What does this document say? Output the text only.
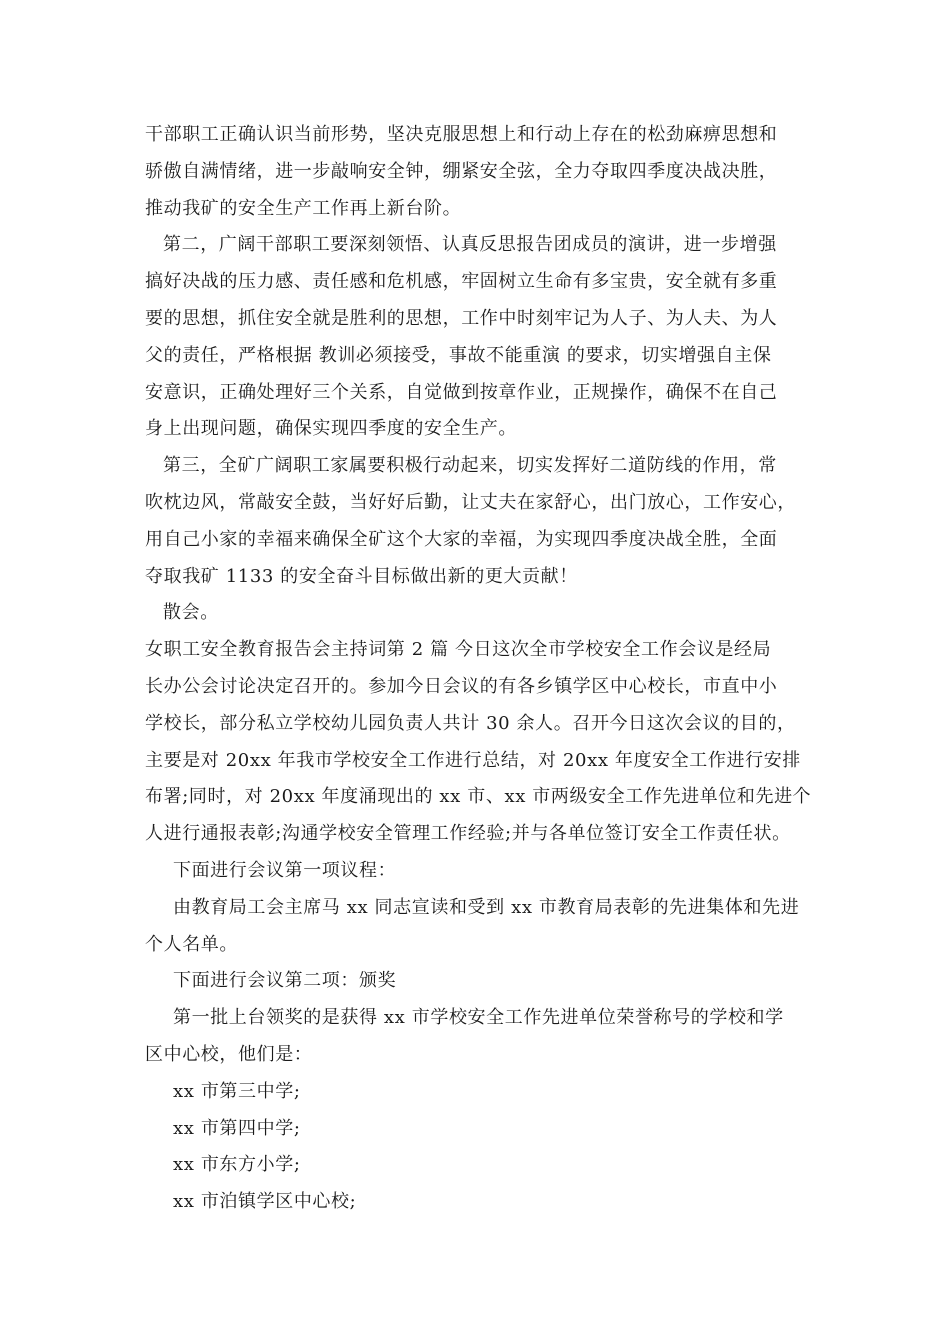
干部职工正确认识当前形势，坚决克服思想上和行动上存在的松劲麻痹思想和
骄傲自满情绪，进一步敲响安全钟，绷紧安全弦，全力夺取四季度决战决胜，
推动我矿的安全生产工作再上新台阶。
第二，广阔干部职工要深刻领悟、认真反思报告团成员的演讲，进一步增强
搞好决战的压力感、责任感和危机感，牢固树立生命有多宝贵，安全就有多重
要的思想，抓住安全就是胜利的思想，工作中时刻牢记为人子、为人夫、为人
父的责任，严格根据 教训必须接受，事故不能重演 的要求，切实增强自主保
安意识，正确处理好三个关系，自觉做到按章作业，正规操作，确保不在自己
身上出现问题，确保实现四季度的安全生产。
第三，全矿广阔职工家属要积极行动起来，切实发挥好二道防线的作用，常
吹枕边风，常敲安全鼓，当好好后勤，让丈夫在家舒心，出门放心，工作安心，
用自己小家的幸福来确保全矿这个大家的幸福，为实现四季度决战全胜，全面
夺取我矿 1133 的安全奋斗目标做出新的更大贡献！
散会。
女职工安全教育报告会主持词第 2 篇 今日这次全市学校安全工作会议是经局
长办公会讨论决定召开的。参加今日会议的有各乡镇学区中心校长，市直中小
学校长，部分私立学校幼儿园负责人共计 30 余人。召开今日这次会议的目的，
主要是对 20xx 年我市学校安全工作进行总结，对 20xx 年度安全工作进行安排
布署;同时，对 20xx 年度涌现出的 xx 市、xx 市两级安全工作先进单位和先进个
人进行通报表彰;沟通学校安全管理工作经验;并与各单位签订安全工作责任状。
下面进行会议第一项议程：
由教育局工会主席马 xx 同志宣读和受到 xx 市教育局表彰的先进集体和先进
个人名单。
下面进行会议第二项：颁奖
第一批上台领奖的是获得 xx 市学校安全工作先进单位荣誉称号的学校和学
区中心校，他们是：
xx 市第三中学;
xx 市第四中学;
xx 市东方小学;
xx 市泊镇学区中心校;
